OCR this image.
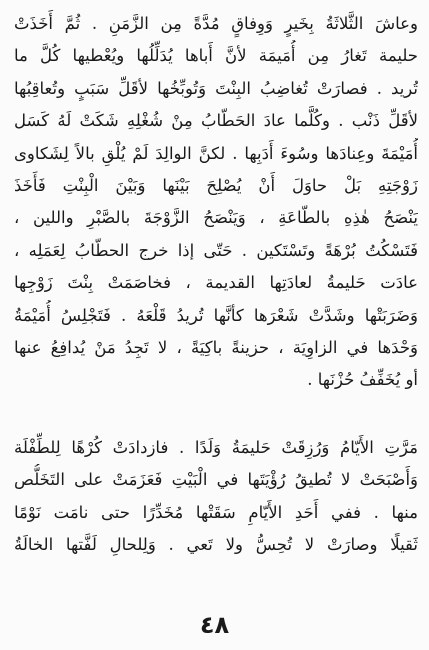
وعاشَ الثَّلاثَةُ بِخَيرٍ وَوِفاقٍ مُدَّةً مِن الزَّمَنِ . ثُمَّ أَخَذَتْ
حليمة تَغارُ مِن أُمَيمَة لأنَّ أَباها يُدَلِّلُها ويُعْطيها كُلَّ ما
تُريد . فصارَتْ تُغاضِبُ البِنْتَ وَتُوبِّخُها لأقَلِّ سَبَبٍ وتُعاقِبُها
لأقَلِّ ذَنْب . وكُلَّما عادَ الحَطّابُ مِنْ شُغْلِهِ شَكَتْ لَهُ كَسَل
أُمَيْمَةَ وعِنادَها وسُوءَ أَدَبِها . لكنَّ الوالِدَ لَمْ يُلْقِ بالاً لِشَكاوى
زَوْجَتِهِ بَلْ حاوَلَ أَنْ يُصْلِحَ بَيْنَها وَبَيْنَ الْبِنْتِ فَأَخَذَ
يَنْصَحُ هٰذِهِ بالطّاعَةِ ، وَيَنْصَحُ الزَّوْجَةَ بالصَّبْرِ واللين ،
فَتَسْكُتُ بُرْهَةً وتَسْتَكين . حَتّى إذا خرج الحطّابُ لِعَمَلِه ،
عادَت حَليمةُ لعادَتِها القديمة ، فخاصَمَتْ بِنْتَ زَوْجِها
وَضَرَبَتْها وشَدَّتْ شَعْرَها كأنَّها تُريدُ قَلْعَهُ . فَتَجْلِسُ أُمَيْمَةُ
وَحْدَها في الزاوِيَة ، حزينةً باكِيَةً ، لا تَجِدُ مَنْ يُدافِعُ عنها
أو يُخَفِّفُ حُزْنَها .
مَرَّتِ الأَيّامُ وَرُزِقَتْ حَليمَةُ وَلَدًا . فازدادَتْ كُرْهًا لِلطِّفْلَة
وَأَصْبَحَتْ لا تُطيقُ رُؤْيَتَها في الْبَيْتِ فَعَزَمَتْ على التَخَلُّص
منها . ففي أَحَدِ الأَيّامِ سَقَتْها مُخَدِّرًا حتى نامَت نَوْمًا
ثَقيلًا وصارَتْ لا تُحِسُّ ولا تَعي . وَلِلحالِ لَفَّتها الخالَةُ
٤٨
